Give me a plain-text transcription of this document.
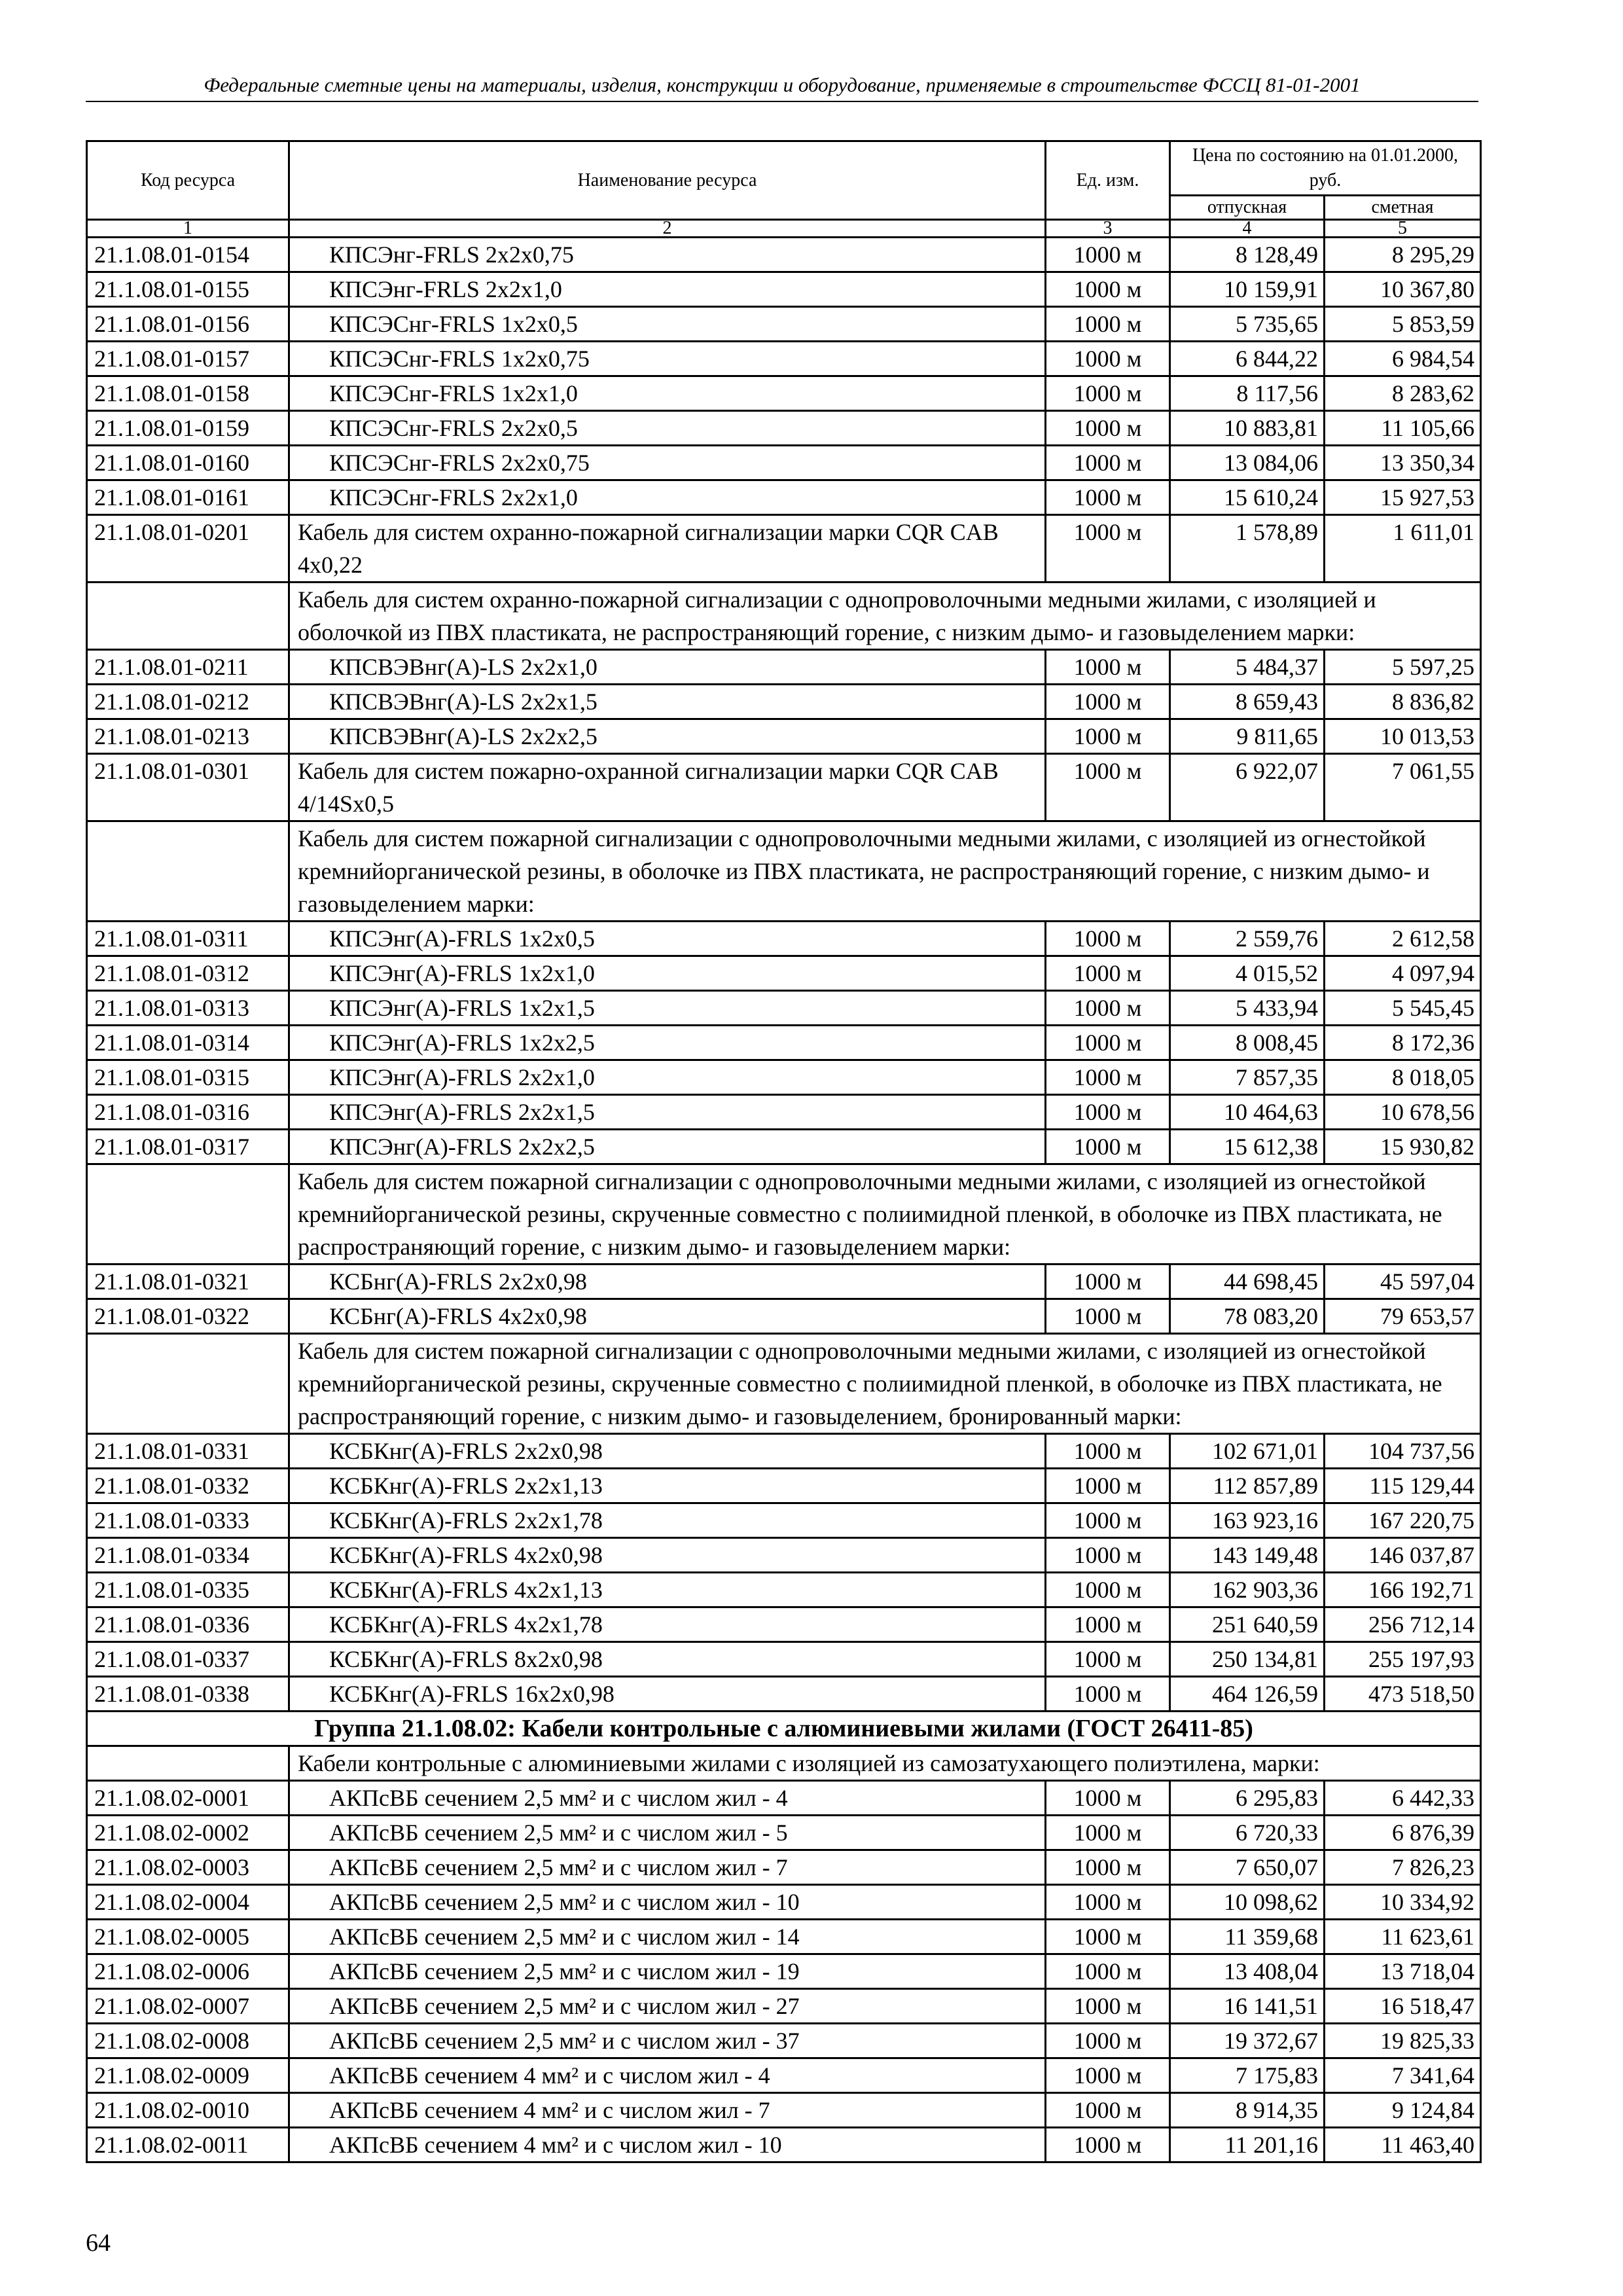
Федеральные сметные цены на материалы, изделия, конструкции и оборудование, применяемые в строительстве ФССЦ 81-01-2001
Код ресурса	Наименование ресурса	Ед. изм.	Цена по состоянию на 01.01.2000, руб.	
			отпускная	сметная
1	2	3	4	5
21.1.08.01-0154	КПСЭнг-FRLS 2х2х0,75	1000 м	8 128,49	8 295,29
21.1.08.01-0155	КПСЭнг-FRLS 2х2х1,0	1000 м	10 159,91	10 367,80
21.1.08.01-0156	КПСЭСнг-FRLS 1х2х0,5	1000 м	5 735,65	5 853,59
21.1.08.01-0157	КПСЭСнг-FRLS 1х2х0,75	1000 м	6 844,22	6 984,54
21.1.08.01-0158	КПСЭСнг-FRLS 1х2х1,0	1000 м	8 117,56	8 283,62
21.1.08.01-0159	КПСЭСнг-FRLS 2х2х0,5	1000 м	10 883,81	11 105,66
21.1.08.01-0160	КПСЭСнг-FRLS 2х2х0,75	1000 м	13 084,06	13 350,34
21.1.08.01-0161	КПСЭСнг-FRLS 2х2х1,0	1000 м	15 610,24	15 927,53
21.1.08.01-0201	Кабель для систем охранно-пожарной сигнализации марки CQR CAB 4x0,22	1000 м	1 578,89	1 611,01
	Кабель для систем охранно-пожарной сигнализации с однопроволочными медными жилами, с изоляцией и оболочкой из ПВХ пластиката, не распространяющий горение, с низким дымо- и газовыделением марки:			
21.1.08.01-0211	КПСВЭВнг(А)-LS 2х2х1,0	1000 м	5 484,37	5 597,25
21.1.08.01-0212	КПСВЭВнг(А)-LS 2х2х1,5	1000 м	8 659,43	8 836,82
21.1.08.01-0213	КПСВЭВнг(А)-LS 2х2х2,5	1000 м	9 811,65	10 013,53
21.1.08.01-0301	Кабель для систем пожарно-охранной сигнализации марки CQR CAB 4/14Sx0,5	1000 м	6 922,07	7 061,55
	Кабель для систем пожарной сигнализации с однопроволочными медными жилами, с изоляцией из огнестойкой кремнийорганической резины, в оболочке из ПВХ пластиката, не распространяющий горение, с низким дымо- и газовыделением марки:			
21.1.08.01-0311	КПСЭнг(А)-FRLS 1х2х0,5	1000 м	2 559,76	2 612,58
21.1.08.01-0312	КПСЭнг(А)-FRLS 1х2х1,0	1000 м	4 015,52	4 097,94
21.1.08.01-0313	КПСЭнг(А)-FRLS 1х2х1,5	1000 м	5 433,94	5 545,45
21.1.08.01-0314	КПСЭнг(А)-FRLS 1х2х2,5	1000 м	8 008,45	8 172,36
21.1.08.01-0315	КПСЭнг(А)-FRLS 2х2х1,0	1000 м	7 857,35	8 018,05
21.1.08.01-0316	КПСЭнг(А)-FRLS 2х2х1,5	1000 м	10 464,63	10 678,56
21.1.08.01-0317	КПСЭнг(А)-FRLS 2х2х2,5	1000 м	15 612,38	15 930,82
	Кабель для систем пожарной сигнализации с однопроволочными медными жилами, с изоляцией из огнестойкой кремнийорганической резины, скрученные совместно с полиимидной пленкой, в оболочке из ПВХ пластиката, не распространяющий горение, с низким дымо- и газовыделением марки:			
21.1.08.01-0321	КСБнг(А)-FRLS 2х2х0,98	1000 м	44 698,45	45 597,04
21.1.08.01-0322	КСБнг(А)-FRLS 4х2х0,98	1000 м	78 083,20	79 653,57
	Кабель для систем пожарной сигнализации с однопроволочными медными жилами, с изоляцией из огнестойкой кремнийорганической резины, скрученные совместно с полиимидной пленкой, в оболочке из ПВХ пластиката, не распространяющий горение, с низким дымо- и газовыделением, бронированный марки:			
21.1.08.01-0331	КСБКнг(А)-FRLS 2х2х0,98	1000 м	102 671,01	104 737,56
21.1.08.01-0332	КСБКнг(А)-FRLS 2х2х1,13	1000 м	112 857,89	115 129,44
21.1.08.01-0333	КСБКнг(А)-FRLS 2х2х1,78	1000 м	163 923,16	167 220,75
21.1.08.01-0334	КСБКнг(А)-FRLS 4х2х0,98	1000 м	143 149,48	146 037,87
21.1.08.01-0335	КСБКнг(А)-FRLS 4х2х1,13	1000 м	162 903,36	166 192,71
21.1.08.01-0336	КСБКнг(А)-FRLS 4х2х1,78	1000 м	251 640,59	256 712,14
21.1.08.01-0337	КСБКнг(А)-FRLS 8х2х0,98	1000 м	250 134,81	255 197,93
21.1.08.01-0338	КСБКнг(А)-FRLS 16х2х0,98	1000 м	464 126,59	473 518,50
Группа 21.1.08.02: Кабели контрольные с алюминиевыми жилами (ГОСТ 26411-85)				
	Кабели контрольные с алюминиевыми жилами с изоляцией из самозатухающего полиэтилена, марки:			
21.1.08.02-0001	АКПсВБ сечением 2,5 мм² и с числом жил - 4	1000 м	6 295,83	6 442,33
21.1.08.02-0002	АКПсВБ сечением 2,5 мм² и с числом жил - 5	1000 м	6 720,33	6 876,39
21.1.08.02-0003	АКПсВБ сечением 2,5 мм² и с числом жил - 7	1000 м	7 650,07	7 826,23
21.1.08.02-0004	АКПсВБ сечением 2,5 мм² и с числом жил - 10	1000 м	10 098,62	10 334,92
21.1.08.02-0005	АКПсВБ сечением 2,5 мм² и с числом жил - 14	1000 м	11 359,68	11 623,61
21.1.08.02-0006	АКПсВБ сечением 2,5 мм² и с числом жил - 19	1000 м	13 408,04	13 718,04
21.1.08.02-0007	АКПсВБ сечением 2,5 мм² и с числом жил - 27	1000 м	16 141,51	16 518,47
21.1.08.02-0008	АКПсВБ сечением 2,5 мм² и с числом жил - 37	1000 м	19 372,67	19 825,33
21.1.08.02-0009	АКПсВБ сечением 4 мм² и с числом жил - 4	1000 м	7 175,83	7 341,64
21.1.08.02-0010	АКПсВБ сечением 4 мм² и с числом жил - 7	1000 м	8 914,35	9 124,84
21.1.08.02-0011	АКПсВБ сечением 4 мм² и с числом жил - 10	1000 м	11 201,16	11 463,40
64
